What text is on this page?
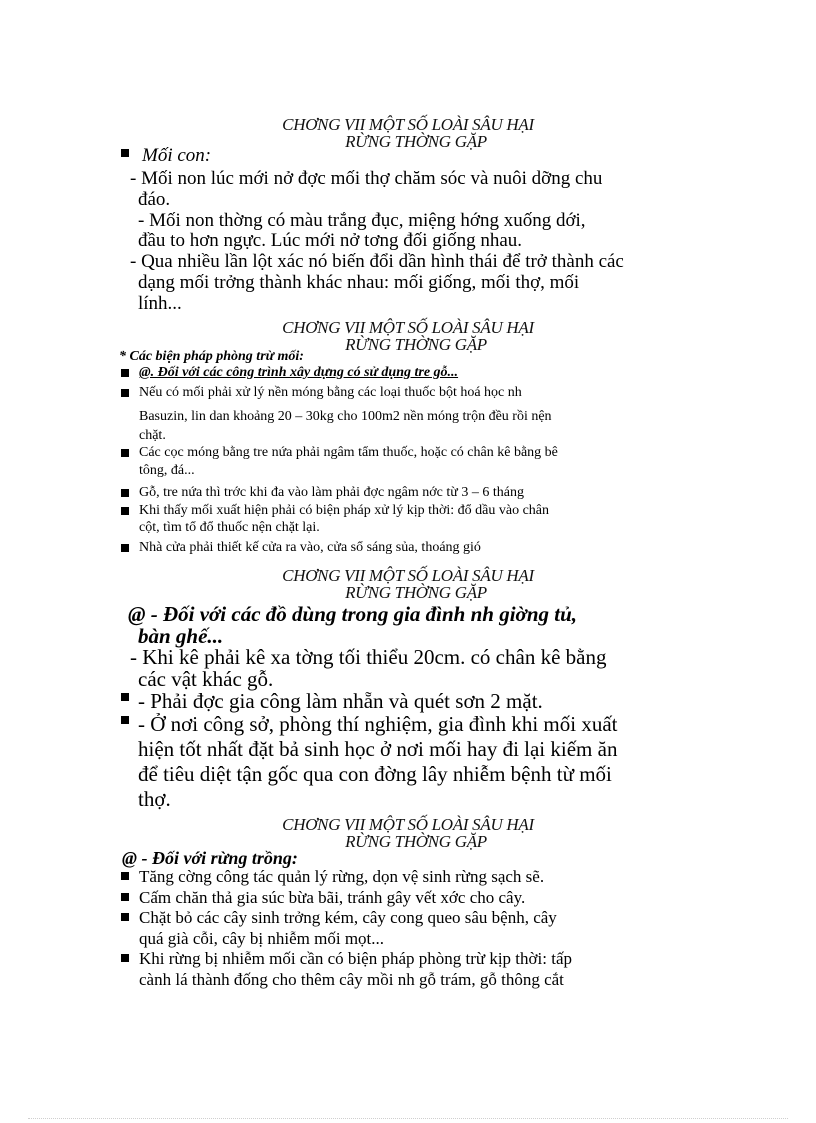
CHƠNG VII MỘT SỐ LOÀI SÂU HẠI
RỪNG THỜNG GẶP
Mối con:
- Mối non lúc mới nở đợc mối thợ chăm sóc và nuôi dỡng chu
đáo.
- Mối non thờng có màu trắng đục, miệng hớng xuống dới,
đầu to hơn ngực. Lúc mới nở tơng đối giống nhau.
- Qua nhiều lần lột xác nó biến đổi dần hình thái để trở thành các
dạng mối trởng thành khác nhau: mối giống, mối thợ, mối
lính...
CHƠNG VII MỘT SỐ LOÀI SÂU HẠI
RỪNG THỜNG GẶP
* Các biện pháp phòng trừ mối:
@. Đối với các công trình xây dựng có sử dụng tre gỗ...
Nếu có mối phải xử lý nền móng bằng các loại thuốc bột hoá học nh
Basuzin, lin dan khoảng 20 – 30kg cho 100m2 nền móng trộn đều rồi nện
chặt.
Các cọc móng bằng tre nứa phải ngâm tẩm thuốc, hoặc có chân kê bằng bê
tông, đá...
Gỗ, tre nứa thì trớc khi đa vào làm phải đợc ngâm nớc từ 3 – 6 tháng
Khi thấy mối xuất hiện phải có biện pháp xử lý kịp thời: đổ dầu vào chân
cột, tìm tổ đổ thuốc nện chặt lại.
Nhà cửa phải thiết kế cửa ra vào, cửa sổ sáng sủa, thoáng gió
CHƠNG VII MỘT SỐ LOÀI SÂU HẠI
RỪNG THỜNG GẶP
@ - Đối với các đồ dùng trong gia đình nh giờng tủ,
bàn ghế...
- Khi kê phải kê xa tờng tối thiểu 20cm. có chân kê bằng
các vật khác gỗ.
- Phải đợc gia công làm nhẵn và quét sơn 2 mặt.
- Ở nơi công sở, phòng thí nghiệm, gia đình khi mối xuất
hiện tốt nhất đặt bả sinh học ở nơi mối hay đi lại kiếm ăn
để tiêu diệt tận gốc qua con đờng lây nhiễm bệnh từ mối
thợ.
CHƠNG VII MỘT SỐ LOÀI SÂU HẠI
RỪNG THỜNG GẶP
@ - Đối với rừng trồng:
Tăng cờng công tác quản lý rừng, dọn vệ sinh rừng sạch sẽ.
Cấm chăn thả gia súc bừa bãi, tránh gây vết xớc cho cây.
Chặt bỏ các cây sinh trởng kém, cây cong queo sâu bệnh, cây
quá già cỗi, cây bị nhiễm mối mọt...
Khi rừng bị nhiễm mối cần có biện pháp phòng trừ kịp thời: tấp
cành lá thành đống cho thêm cây mồi nh gỗ trám, gỗ thông cắt
